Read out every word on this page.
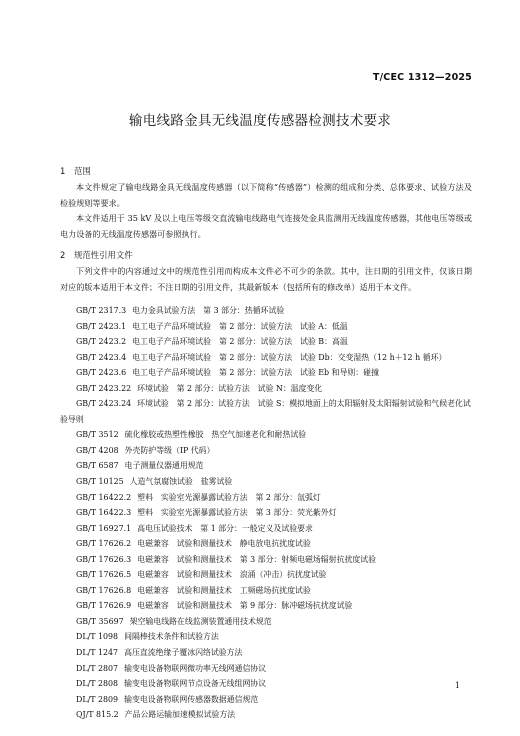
T/CEC 1312—2025
输电线路金具无线温度传感器检测技术要求
1 范围

本文件规定了输电线路金具无线温度传感器（以下简称“传感器”）检测的组成和分类、总体要求、试验方法及检验规则等要求。

本文件适用于 35 kV 及以上电压等级交直流输电线路电气连接处金具监测用无线温度传感器，其他电压等级或电力设备的无线温度传感器可参照执行。

2 规范性引用文件

下列文件中的内容通过文中的规范性引用而构成本文件必不可少的条款。其中，注日期的引用文件，仅该日期对应的版本适用于本文件；不注日期的引用文件，其最新版本（包括所有的修改单）适用于本文件。

GB/T 2317.3 电力金具试验方法　第 3 部分：热循环试验
GB/T 2423.1 电工电子产品环境试验　第 2 部分：试验方法　试验 A：低温
GB/T 2423.2 电工电子产品环境试验　第 2 部分：试验方法　试验 B：高温
GB/T 2423.4 电工电子产品环境试验　第 2 部分：试验方法　试验 Db：交变湿热（12 h＋12 h 循环）
GB/T 2423.6 电工电子产品环境试验　第 2 部分：试验方法　试验 Eb 和导则：碰撞
GB/T 2423.22 环境试验　第 2 部分：试验方法　试验 N：温度变化
GB/T 2423.24 环境试验　第 2 部分：试验方法　试验 S：模拟地面上的太阳辐射及太阳辐射试验和气候老化试验导则
GB/T 3512 硫化橡胶或热塑性橡胶　热空气加速老化和耐热试验
GB/T 4208 外壳防护等级（IP 代码）
GB/T 6587 电子测量仪器通用规范
GB/T 10125 人造气氛腐蚀试验　盐雾试验
GB/T 16422.2 塑料　实验室光源暴露试验方法　第 2 部分：氙弧灯
GB/T 16422.3 塑料　实验室光源暴露试验方法　第 3 部分：荧光紫外灯
GB/T 16927.1 高电压试验技术　第 1 部分：一般定义及试验要求
GB/T 17626.2 电磁兼容　试验和测量技术　静电放电抗扰度试验
GB/T 17626.3 电磁兼容　试验和测量技术　第 3 部分：射频电磁场辐射抗扰度试验
GB/T 17626.5 电磁兼容　试验和测量技术　浪涌（冲击）抗扰度试验
GB/T 17626.8 电磁兼容　试验和测量技术　工频磁场抗扰度试验
GB/T 17626.9 电磁兼容　试验和测量技术　第 9 部分：脉冲磁场抗扰度试验
GB/T 35697 架空输电线路在线监测装置通用技术规范
DL/T 1098 间隔棒技术条件和试验方法
DL/T 1247 高压直流绝缘子覆冰闪络试验方法
DL/T 2807 输变电设备物联网微功率无线网通信协议
DL/T 2808 输变电设备物联网节点设备无线组网协议
DL/T 2809 输变电设备物联网传感器数据通信规范
QJ/T 815.2 产品公路运输加速模拟试验方法
1
